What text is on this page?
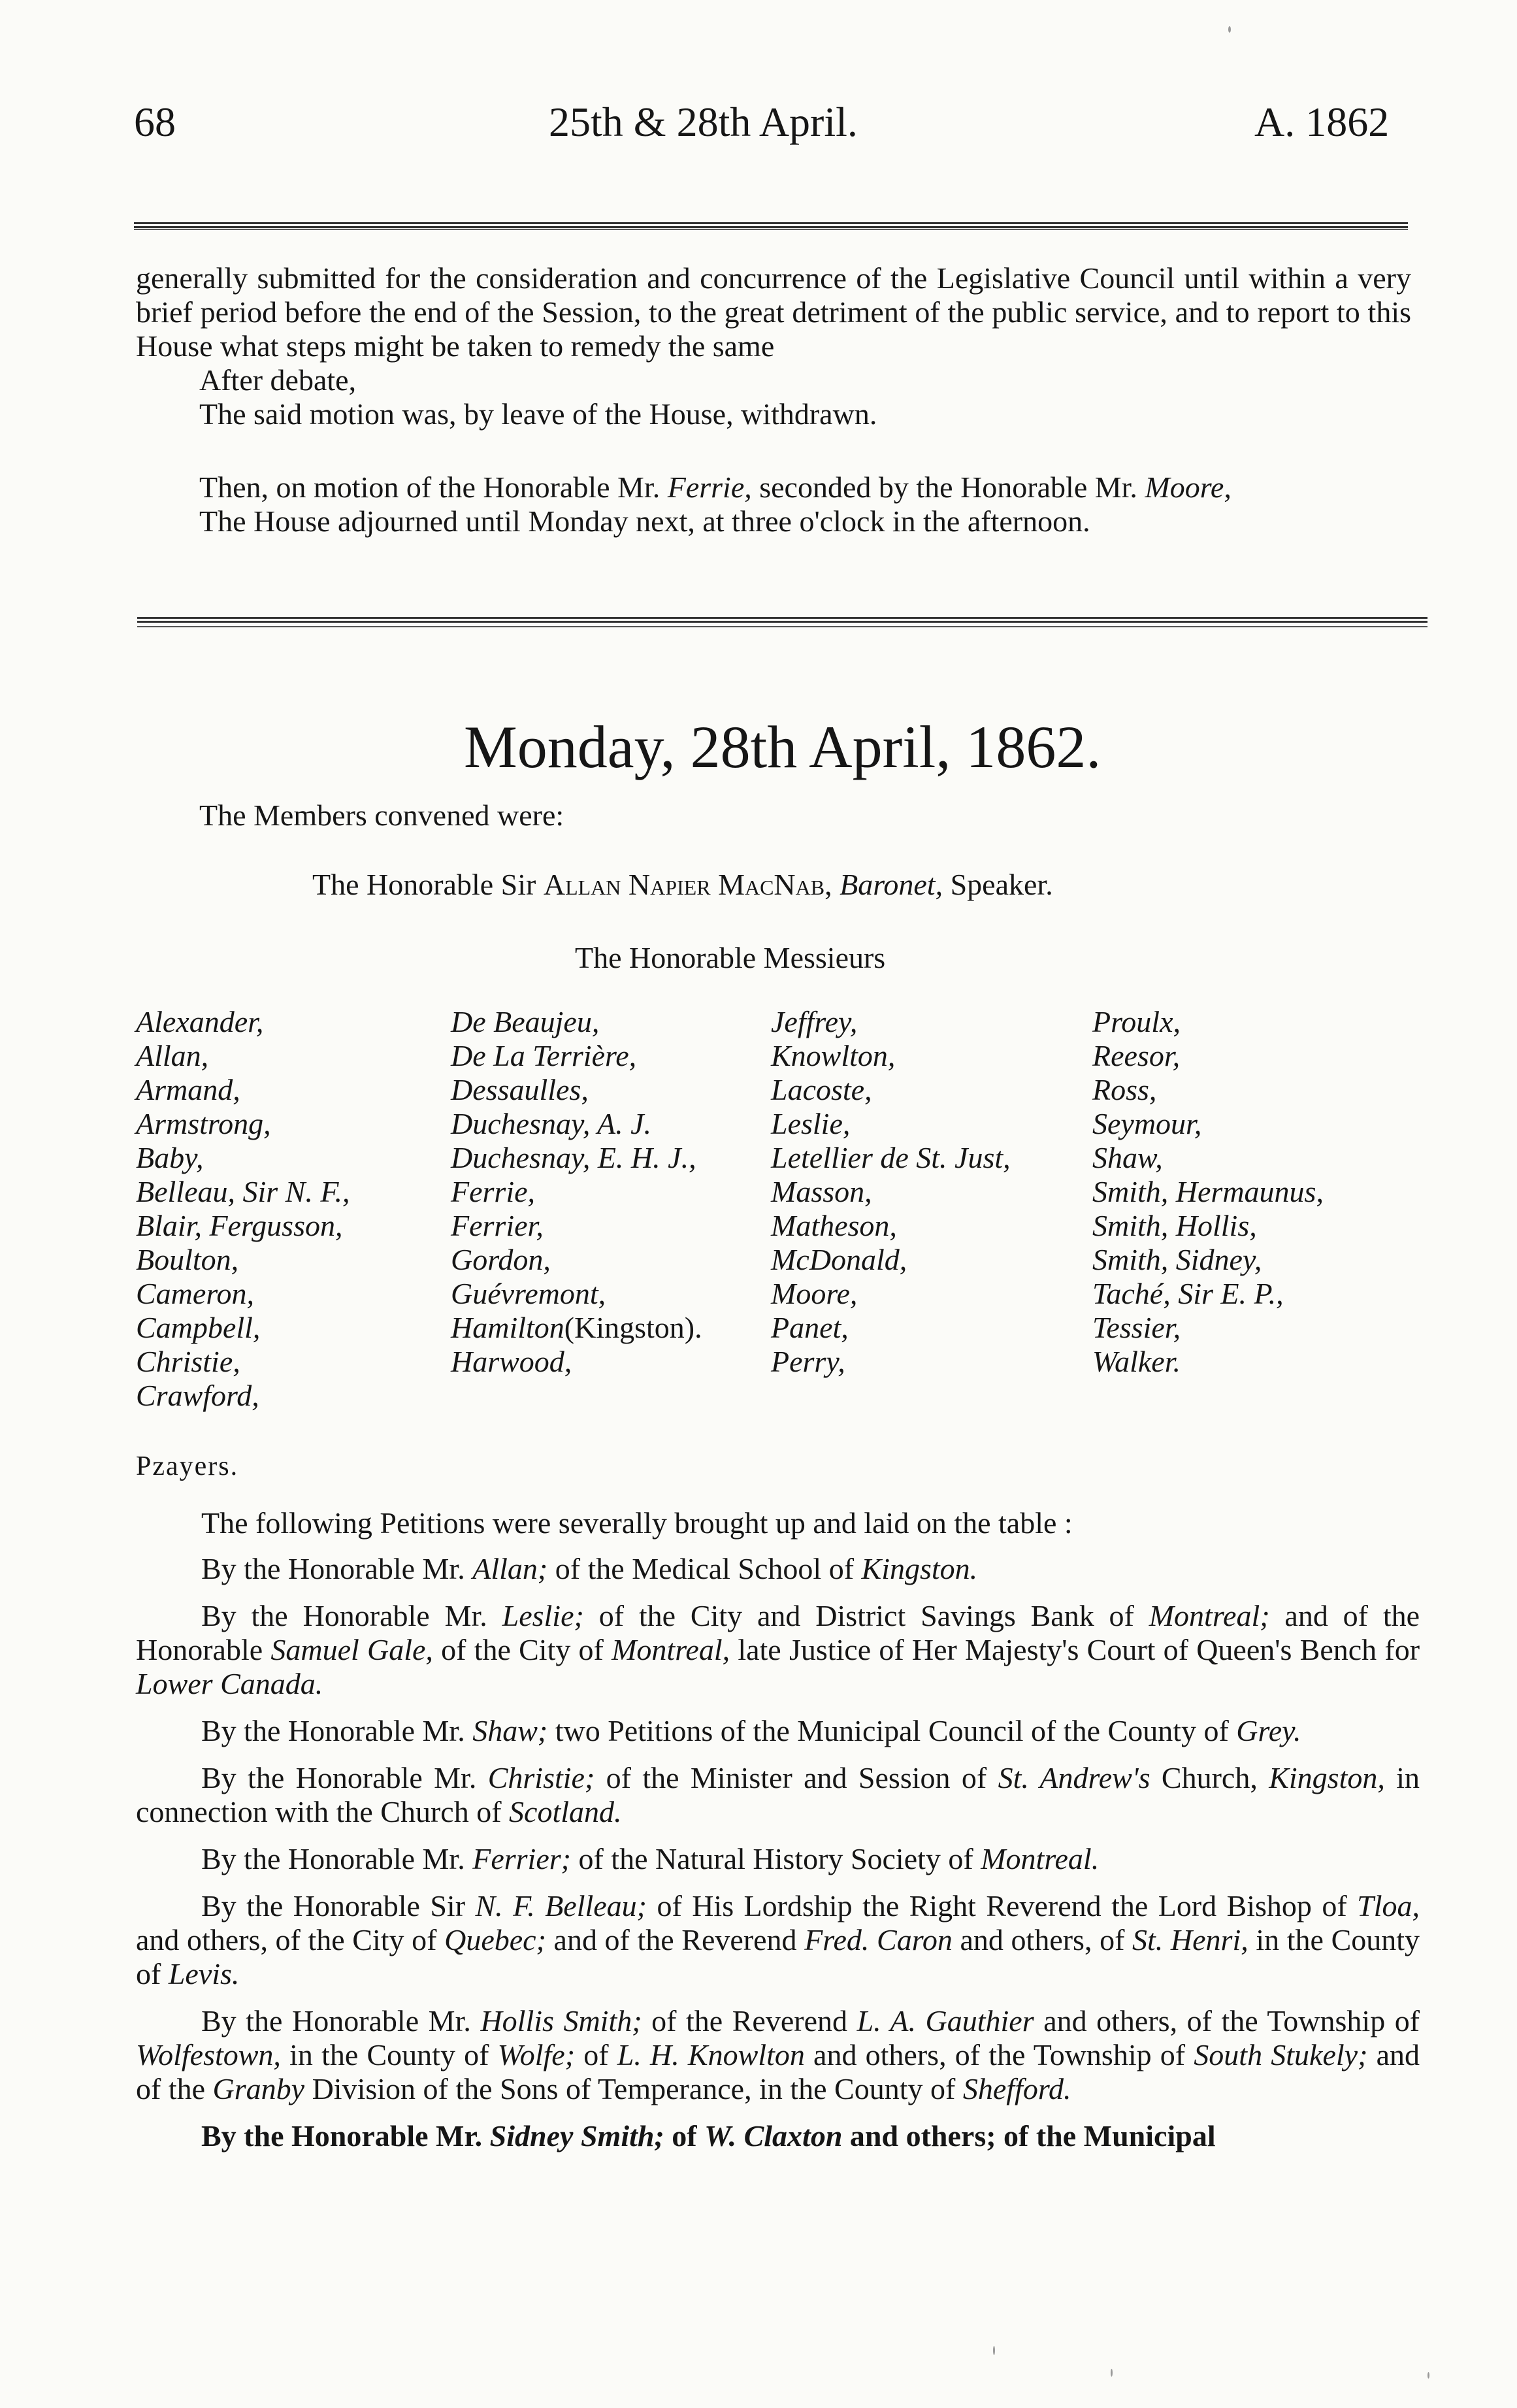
68	25th & 28th April.	A. 1862
generally submitted for the consideration and concurrence of the Legislative Council until within a very brief period before the end of the Session, to the great detriment of the public service, and to report to this House what steps might be taken to remedy the same
After debate,
The said motion was, by leave of the House, withdrawn.
Then, on motion of the Honorable Mr. Ferrie, seconded by the Honorable Mr. Moore,
The House adjourned until Monday next, at three o'clock in the afternoon.
Monday, 28th April, 1862.
The Members convened were:
The Honorable Sir Allan Napier MacNab, Baronet, Speaker.
The Honorable Messieurs
Alexander,
Allan,
Armand,
Armstrong,
Baby,
Belleau, Sir N. F.,
Blair, Fergusson,
Boulton,
Cameron,
Campbell,
Christie,
Crawford,
De Beaujeu,
De La Terrière,
Dessaulles,
Duchesnay, A. J.
Duchesnay, E. H. J.,
Ferrie,
Ferrier,
Gordon,
Guévremont,
Hamilton(Kingston).
Harwood,
Jeffrey,
Knowlton,
Lacoste,
Leslie,
Letellier de St. Just,
Masson,
Matheson,
McDonald,
Moore,
Panet,
Perry,
Proulx,
Reesor,
Ross,
Seymour,
Shaw,
Smith, Hermaunus,
Smith, Hollis,
Smith, Sidney,
Taché, Sir E. P.,
Tessier,
Walker.
Pzayers.

The following Petitions were severally brought up and laid on the table :

By the Honorable Mr. Allan; of the Medical School of Kingston.

By the Honorable Mr. Leslie; of the City and District Savings Bank of Montreal; and of the Honorable Samuel Gale, of the City of Montreal, late Justice of Her Majesty's Court of Queen's Bench for Lower Canada.

By the Honorable Mr. Shaw; two Petitions of the Municipal Council of the County of Grey.

By the Honorable Mr. Christie; of the Minister and Session of St. Andrew's Church, Kingston, in connection with the Church of Scotland.

By the Honorable Mr. Ferrier; of the Natural History Society of Montreal.

By the Honorable Sir N. F. Belleau; of His Lordship the Right Reverend the Lord Bishop of Tloa, and others, of the City of Quebec; and of the Reverend Fred. Caron and others, of St. Henri, in the County of Levis.

By the Honorable Mr. Hollis Smith; of the Reverend L. A. Gauthier and others, of the Township of Wolfestown, in the County of Wolfe; of L. H. Knowlton and others, of the Township of South Stukely; and of the Granby Division of the Sons of Temperance, in the County of Shefford.

By the Honorable Mr. Sidney Smith; of W. Claxton and others; of the Municipal
